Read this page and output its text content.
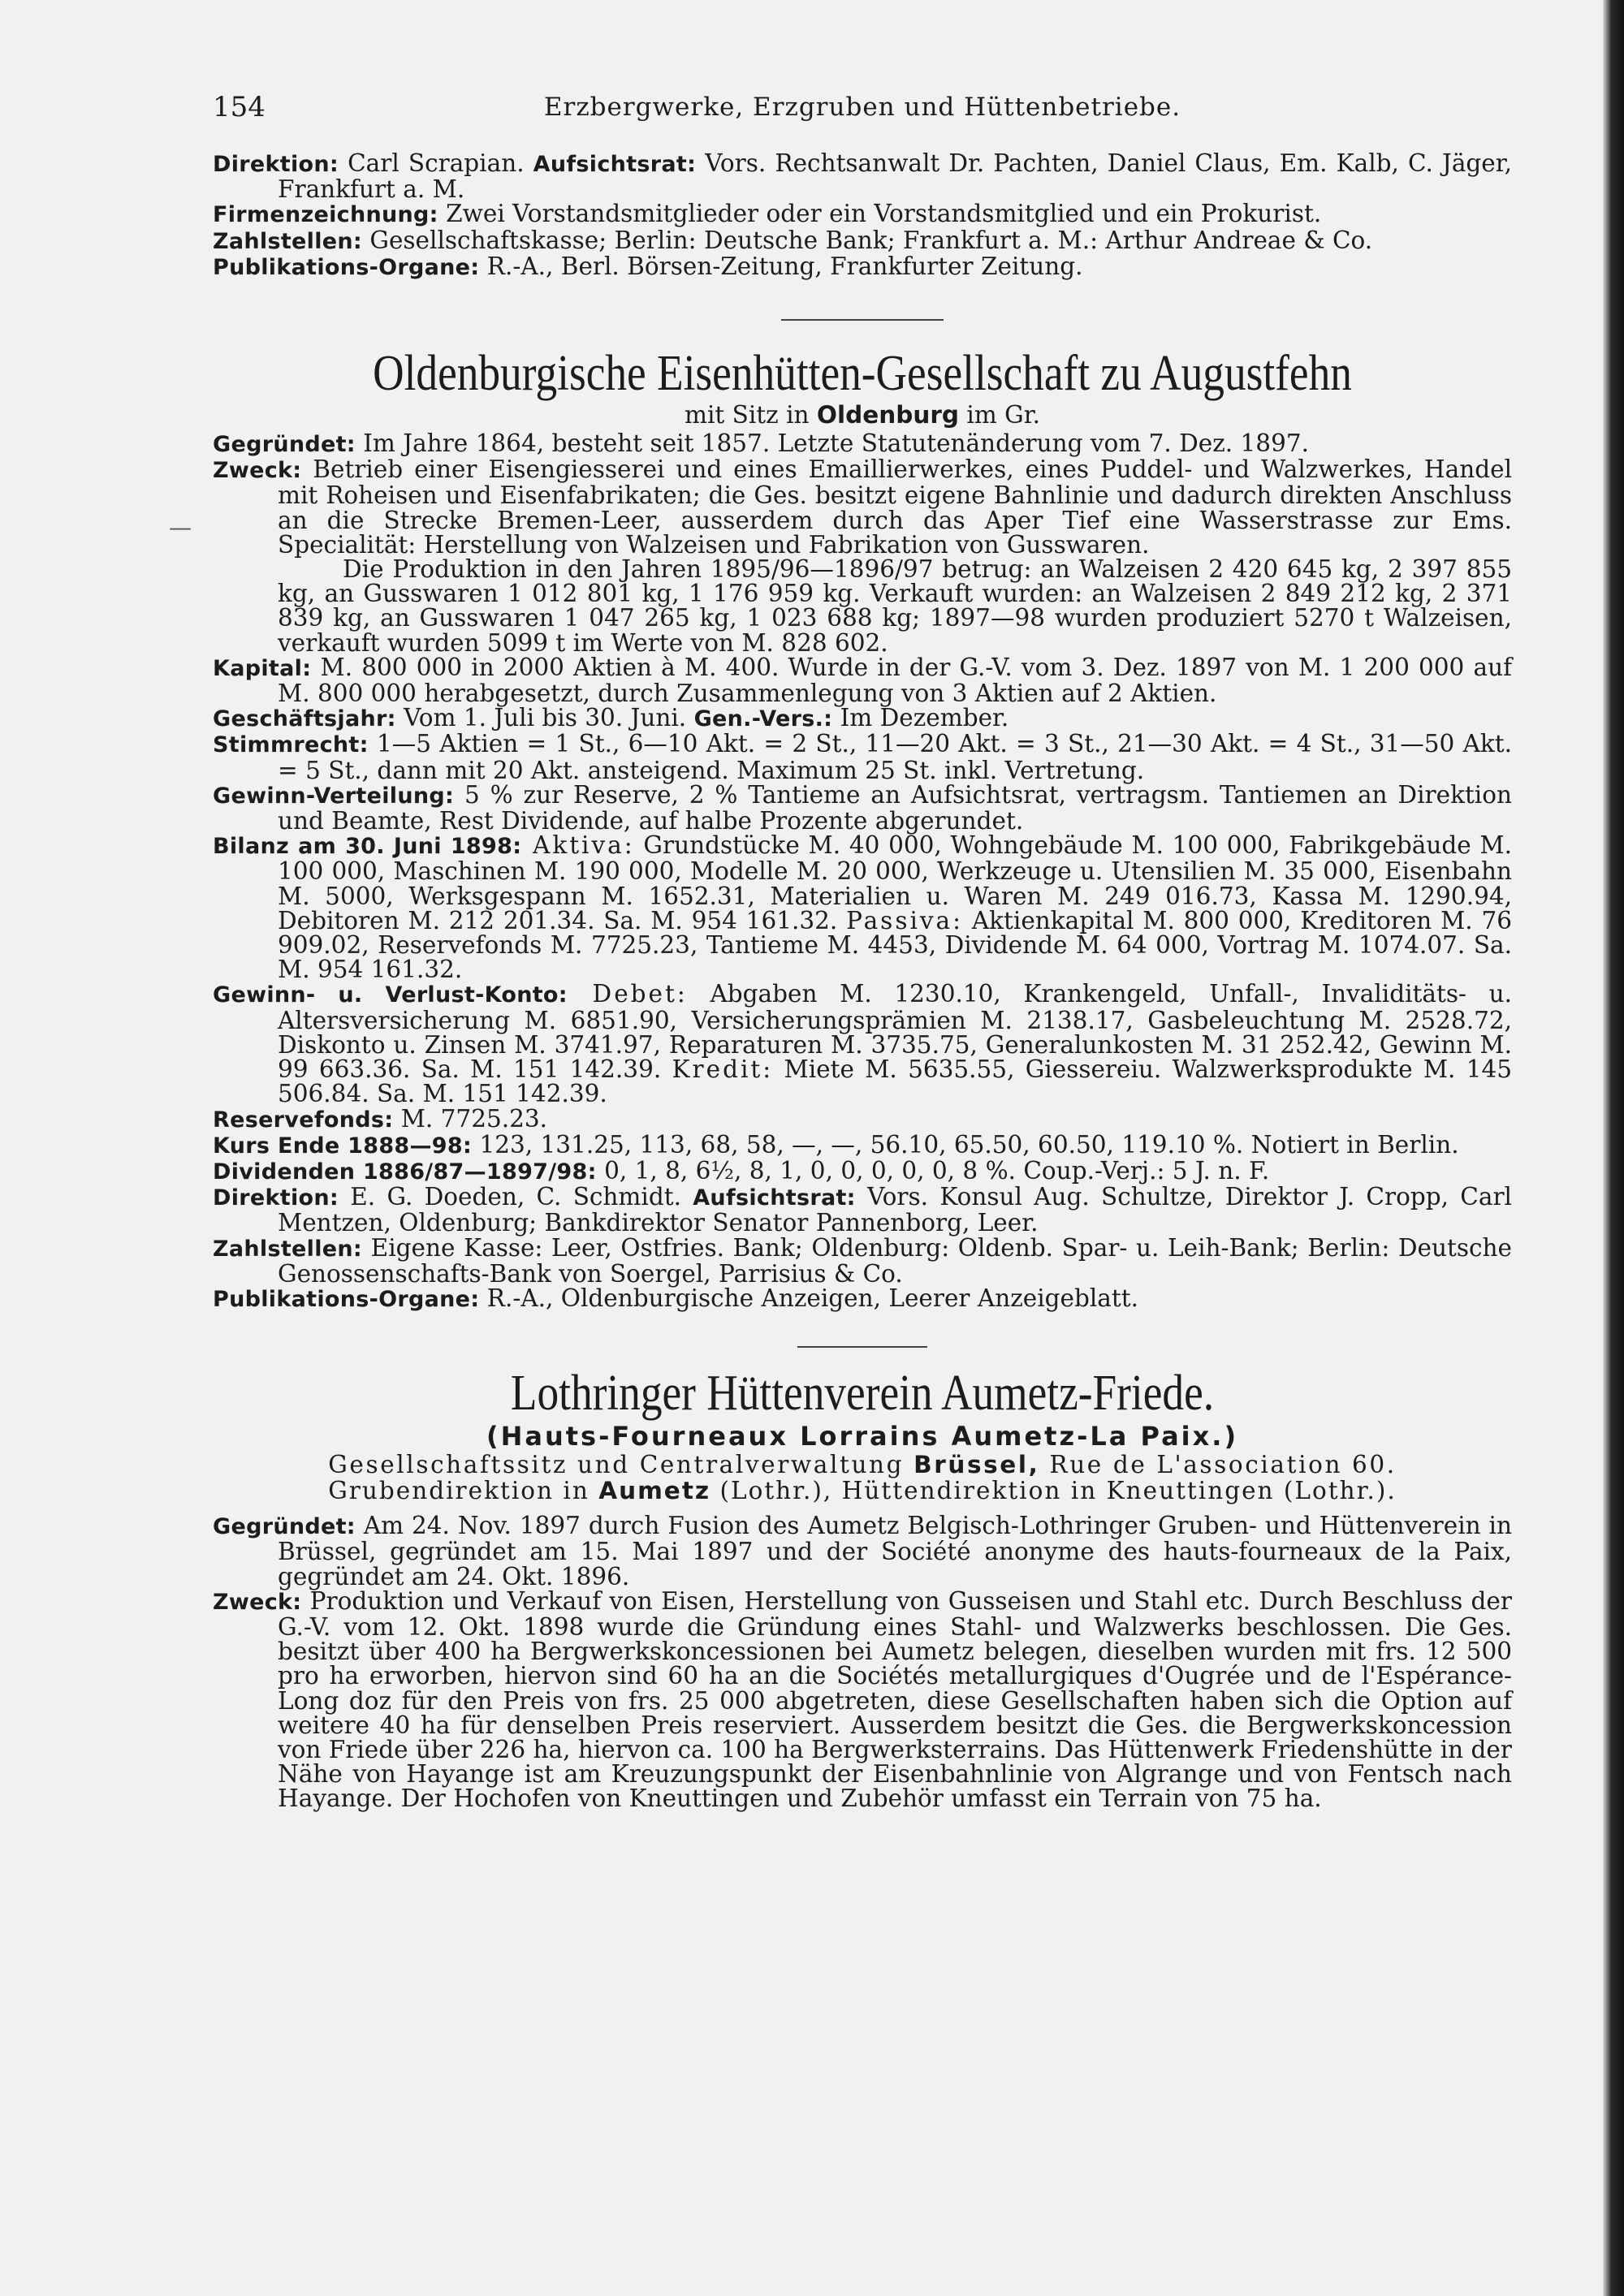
—
154	Erzbergwerke, Erzgruben und Hüttenbetriebe.

Direktion: Carl Scrapian. Aufsichtsrat: Vors. Rechtsanwalt Dr. Pachten, Daniel Claus, Em. Kalb, C. Jäger, Frankfurt a. M.

Firmenzeichnung: Zwei Vorstandsmitglieder oder ein Vorstandsmitglied und ein Prokurist.

Zahlstellen: Gesellschaftskasse; Berlin: Deutsche Bank; Frankfurt a. M.: Arthur Andreae & Co.

Publikations-Organe: R.-A., Berl. Börsen-Zeitung, Frankfurter Zeitung.

Oldenburgische Eisenhütten-Gesellschaft zu Augustfehn

mit Sitz in Oldenburg im Gr.

Gegründet: Im Jahre 1864, besteht seit 1857. Letzte Statutenänderung vom 7. Dez. 1897.

Zweck: Betrieb einer Eisengiesserei und eines Emaillierwerkes, eines Puddel- und Walzwerkes, Handel mit Roheisen und Eisenfabrikaten; die Ges. besitzt eigene Bahnlinie und dadurch direkten Anschluss an die Strecke Bremen-Leer, ausserdem durch das Aper Tief eine Wasserstrasse zur Ems. Specialität: Herstellung von Walzeisen und Fabrikation von Gusswaren.

Die Produktion in den Jahren 1895/96—1896/97 betrug: an Walzeisen 2 420 645 kg, 2 397 855 kg, an Gusswaren 1 012 801 kg, 1 176 959 kg. Verkauft wurden: an Walzeisen 2 849 212 kg, 2 371 839 kg, an Gusswaren 1 047 265 kg, 1 023 688 kg; 1897—98 wurden produziert 5270 t Walzeisen, verkauft wurden 5099 t im Werte von M. 828 602.

Kapital: M. 800 000 in 2000 Aktien à M. 400. Wurde in der G.-V. vom 3. Dez. 1897 von M. 1 200 000 auf M. 800 000 herabgesetzt, durch Zusammenlegung von 3 Aktien auf 2 Aktien.

Geschäftsjahr: Vom 1. Juli bis 30. Juni. Gen.-Vers.: Im Dezember.

Stimmrecht: 1—5 Aktien = 1 St., 6—10 Akt. = 2 St., 11—20 Akt. = 3 St., 21—30 Akt. = 4 St., 31—50 Akt. = 5 St., dann mit 20 Akt. ansteigend. Maximum 25 St. inkl. Vertretung.

Gewinn-Verteilung: 5 % zur Reserve, 2 % Tantieme an Aufsichtsrat, vertragsm. Tantiemen an Direktion und Beamte, Rest Dividende, auf halbe Prozente abgerundet.

Bilanz am 30. Juni 1898: Aktiva: Grundstücke M. 40 000, Wohngebäude M. 100 000, Fabrikgebäude M. 100 000, Maschinen M. 190 000, Modelle M. 20 000, Werkzeuge u. Utensilien M. 35 000, Eisenbahn M. 5000, Werksgespann M. 1652.31, Materialien u. Waren M. 249 016.73, Kassa M. 1290.94, Debitoren M. 212 201.34. Sa. M. 954 161.32. Passiva: Aktienkapital M. 800 000, Kreditoren M. 76 909.02, Reservefonds M. 7725.23, Tantieme M. 4453, Dividende M. 64 000, Vortrag M. 1074.07. Sa. M. 954 161.32.

Gewinn- u. Verlust-Konto: Debet: Abgaben M. 1230.10, Krankengeld, Unfall-, Invaliditäts- u. Altersversicherung M. 6851.90, Versicherungsprämien M. 2138.17, Gasbeleuchtung M. 2528.72, Diskonto u. Zinsen M. 3741.97, Reparaturen M. 3735.75, Generalunkosten M. 31 252.42, Gewinn M. 99 663.36. Sa. M. 151 142.39. Kredit: Miete M. 5635.55, Giessereiu. Walzwerksprodukte M. 145 506.84. Sa. M. 151 142.39.

Reservefonds: M. 7725.23.

Kurs Ende 1888—98: 123, 131.25, 113, 68, 58, —, —, 56.10, 65.50, 60.50, 119.10 %. Notiert in Berlin.

Dividenden 1886/87—1897/98: 0, 1, 8, 6½, 8, 1, 0, 0, 0, 0, 0, 8 %. Coup.-Verj.: 5 J. n. F.

Direktion: E. G. Doeden, C. Schmidt. Aufsichtsrat: Vors. Konsul Aug. Schultze, Direktor J. Cropp, Carl Mentzen, Oldenburg; Bankdirektor Senator Pannenborg, Leer.

Zahlstellen: Eigene Kasse: Leer, Ostfries. Bank; Oldenburg: Oldenb. Spar- u. Leih-Bank; Berlin: Deutsche Genossenschafts-Bank von Soergel, Parrisius & Co.

Publikations-Organe: R.-A., Oldenburgische Anzeigen, Leerer Anzeigeblatt.

Lothringer Hüttenverein Aumetz-Friede.

(Hauts-Fourneaux Lorrains Aumetz-La Paix.)

Gesellschaftssitz und Centralverwaltung Brüssel, Rue de L'association 60.

Grubendirektion in Aumetz (Lothr.), Hüttendirektion in Kneuttingen (Lothr.).

Gegründet: Am 24. Nov. 1897 durch Fusion des Aumetz Belgisch-Lothringer Gruben- und Hüttenverein in Brüssel, gegründet am 15. Mai 1897 und der Société anonyme des hauts-fourneaux de la Paix, gegründet am 24. Okt. 1896.

Zweck: Produktion und Verkauf von Eisen, Herstellung von Gusseisen und Stahl etc. Durch Beschluss der G.-V. vom 12. Okt. 1898 wurde die Gründung eines Stahl- und Walzwerks beschlossen. Die Ges. besitzt über 400 ha Bergwerkskoncessionen bei Aumetz belegen, dieselben wurden mit frs. 12 500 pro ha erworben, hiervon sind 60 ha an die Sociétés metallurgiques d'Ougrée und de l'Espérance-Long doz für den Preis von frs. 25 000 abgetreten, diese Gesellschaften haben sich die Option auf weitere 40 ha für denselben Preis reserviert. Ausserdem besitzt die Ges. die Bergwerkskoncession von Friede über 226 ha, hiervon ca. 100 ha Bergwerksterrains. Das Hüttenwerk Friedenshütte in der Nähe von Hayange ist am Kreuzungspunkt der Eisenbahnlinie von Algrange und von Fentsch nach Hayange. Der Hochofen von Kneuttingen und Zubehör umfasst ein Terrain von 75 ha.
